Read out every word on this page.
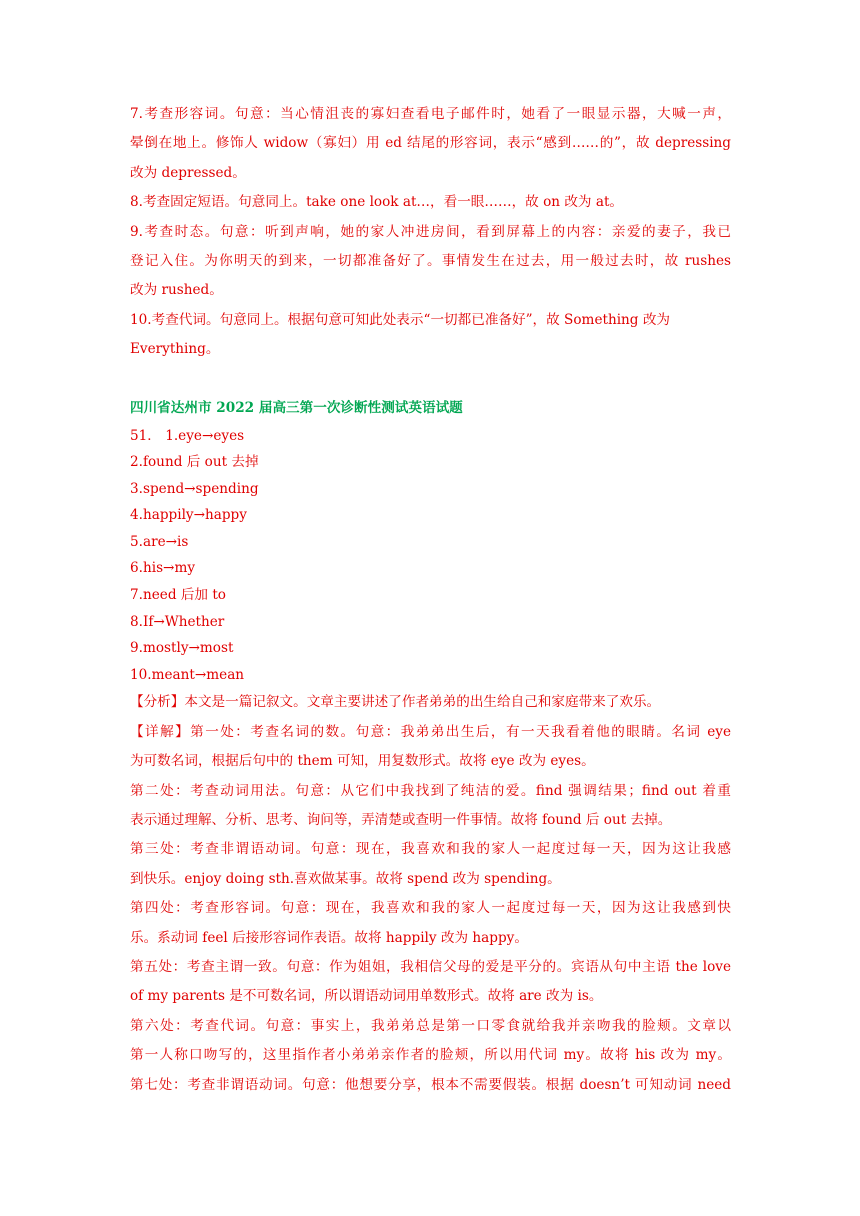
7.考查形容词。句意：当心情沮丧的寡妇查看电子邮件时，她看了一眼显示器，大喊一声，
晕倒在地上。修饰人 widow（寡妇）用 ed 结尾的形容词，表示“感到……的”，故 depressing
改为 depressed。
8.考查固定短语。句意同上。take one look at…，看一眼……，故 on 改为 at。
9.考查时态。句意：听到声响，她的家人冲进房间，看到屏幕上的内容：亲爱的妻子，我已
登记入住。为你明天的到来，一切都准备好了。事情发生在过去，用一般过去时，故 rushes
改为 rushed。
10.考查代词。句意同上。根据句意可知此处表示“一切都已准备好”，故 Something 改为
Everything。
四川省达州市 2022 届高三第一次诊断性测试英语试题
51． 1.eye→eyes
2.found 后 out 去掉
3.spend→spending
4.happily→happy
5.are→is
6.his→my
7.need 后加 to
8.If→Whether
9.mostly→most
10.meant→mean
【分析】本文是一篇记叙文。文章主要讲述了作者弟弟的出生给自己和家庭带来了欢乐。
【详解】第一处：考查名词的数。句意：我弟弟出生后，有一天我看着他的眼睛。名词 eye
为可数名词，根据后句中的 them 可知，用复数形式。故将 eye 改为 eyes。
第二处：考查动词用法。句意：从它们中我找到了纯洁的爱。find 强调结果；find out 着重
表示通过理解、分析、思考、询问等，弄清楚或查明一件事情。故将 found 后 out 去掉。
第三处：考查非谓语动词。句意：现在，我喜欢和我的家人一起度过每一天，因为这让我感
到快乐。enjoy doing sth.喜欢做某事。故将 spend 改为 spending。
第四处：考查形容词。句意：现在，我喜欢和我的家人一起度过每一天，因为这让我感到快
乐。系动词 feel 后接形容词作表语。故将 happily 改为 happy。
第五处：考查主谓一致。句意：作为姐姐，我相信父母的爱是平分的。宾语从句中主语 the love
of my parents 是不可数名词，所以谓语动词用单数形式。故将 are 改为 is。
第六处：考查代词。句意：事实上，我弟弟总是第一口零食就给我并亲吻我的脸颊。文章以
第一人称口吻写的，这里指作者小弟弟亲作者的脸颊，所以用代词 my。故将 his 改为 my。
第七处：考查非谓语动词。句意：他想要分享，根本不需要假装。根据 doesn’t 可知动词 need
